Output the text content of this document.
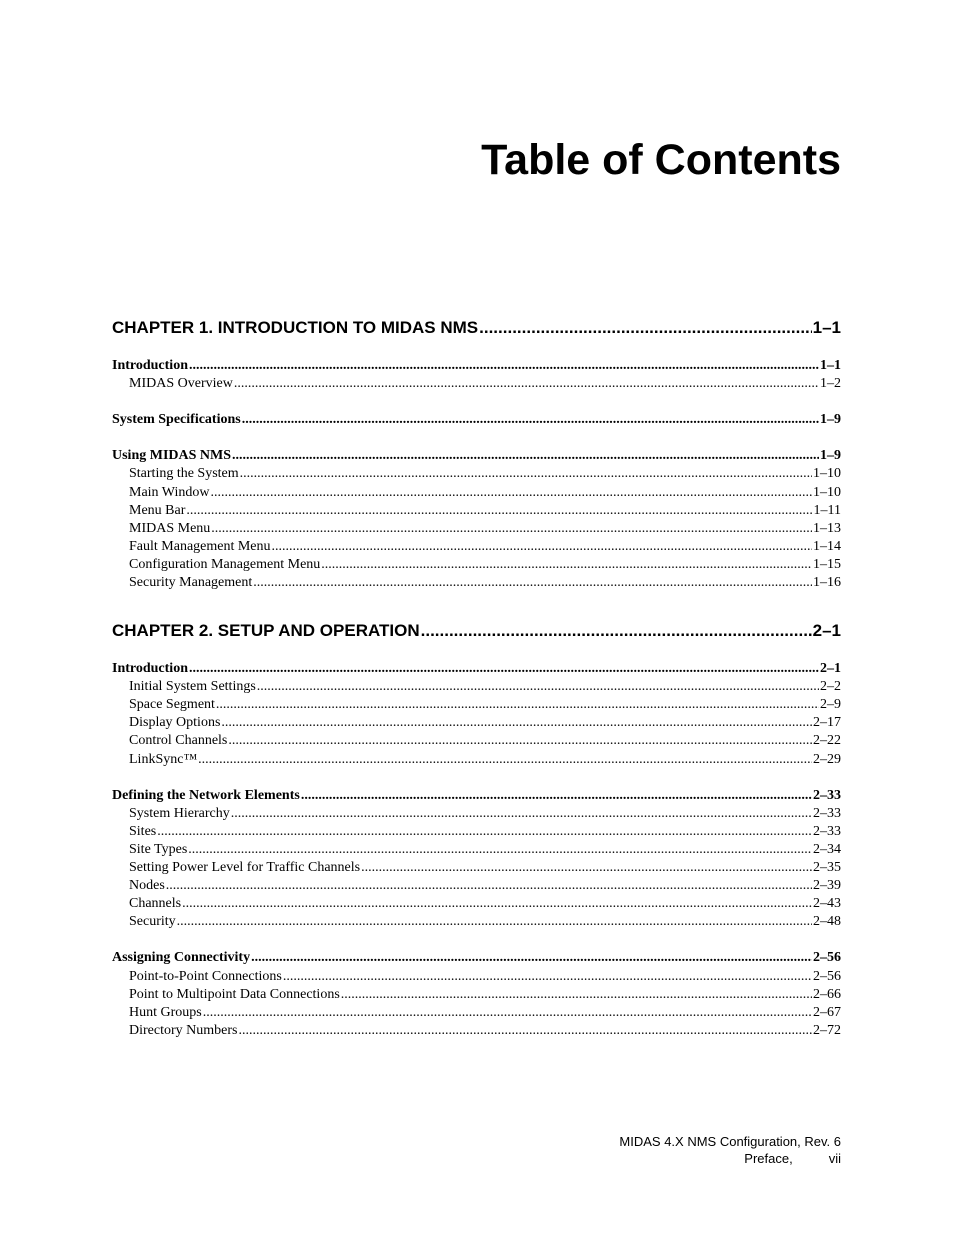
Table of Contents
CHAPTER 1. INTRODUCTION TO MIDAS NMS .....	1–1
Introduction .....	1–1
MIDAS Overview .....	1–2
System Specifications .....	1–9
Using MIDAS NMS .....	1–9
Starting the System .....	1–10
Main Window .....	1–10
Menu Bar .....	1–11
MIDAS Menu .....	1–13
Fault Management Menu .....	1–14
Configuration Management Menu .....	1–15
Security Management .....	1–16
CHAPTER 2. SETUP AND OPERATION .....	2–1
Introduction .....	2–1
Initial System Settings .....	2–2
Space Segment .....	2–9
Display Options .....	2–17
Control Channels .....	2–22
LinkSync™ .....	2–29
Defining the Network Elements .....	2–33
System Hierarchy .....	2–33
Sites .....	2–33
Site Types .....	2–34
Setting Power Level for Traffic Channels .....	2–35
Nodes .....	2–39
Channels .....	2–43
Security .....	2–48
Assigning Connectivity .....	2–56
Point-to-Point Connections .....	2–56
Point to Multipoint Data Connections .....	2–66
Hunt Groups .....	2–67
Directory Numbers .....	2–72
MIDAS 4.X NMS Configuration, Rev. 6
Preface,	vii
